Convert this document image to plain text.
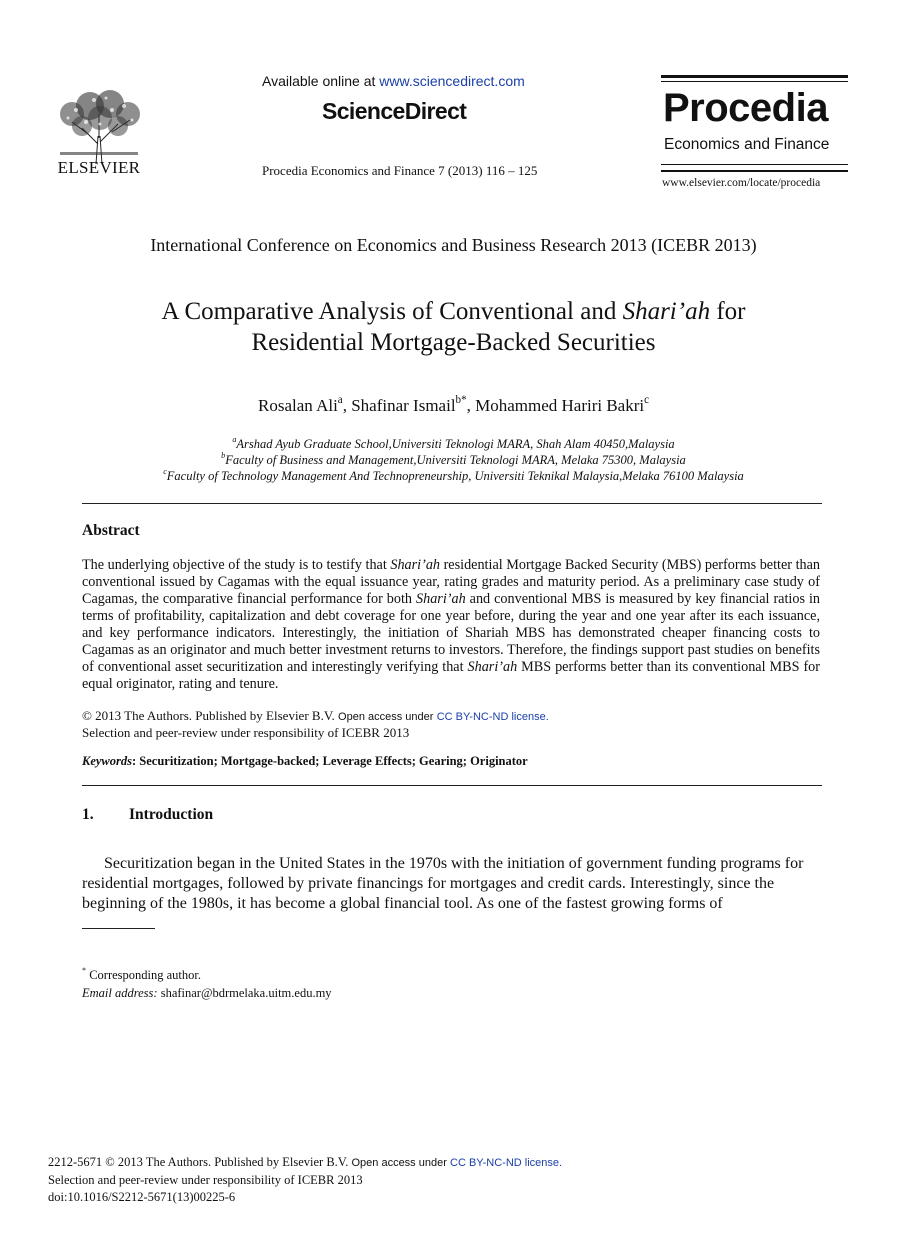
ELSEVIER
Available online at www.sciencedirect.com
ScienceDirect
Procedia Economics and Finance 7 (2013) 116 – 125
Procedia
Economics and Finance
www.elsevier.com/locate/procedia
International Conference on Economics and Business Research 2013 (ICEBR 2013)
A Comparative Analysis of Conventional and Shari’ah for
Residential Mortgage-Backed Securities
Rosalan Ali$^a$, Shafinar Ismail$^{b*}$, Mohammed Hariri Bakri$^c$
$^a$Arshad Ayub Graduate School,Universiti Teknologi MARA, Shah Alam 40450,Malaysia
$^b$Faculty of Business and Management,Universiti Teknologi MARA, Melaka 75300, Malaysia
$^c$Faculty of Technology Management And Technopreneurship, Universiti Teknikal Malaysia,Melaka 76100 Malaysia
Abstract
The underlying objective of the study is to testify that Shari’ah residential Mortgage Backed Security (MBS) performs better than conventional issued by Cagamas with the equal issuance year, rating grades and maturity period. As a preliminary case study of Cagamas, the comparative financial performance for both Shari’ah and conventional MBS is measured by key financial ratios in terms of profitability, capitalization and debt coverage for one year before, during the year and one year after its each issuance, and key performance indicators. Interestingly, the initiation of Shariah MBS has demonstrated cheaper financing costs to Cagamas as an originator and much better investment returns to investors. Therefore, the findings support past studies on benefits of conventional asset securitization and interestingly verifying that Shari’ah MBS performs better than its conventional MBS for equal originator, rating and tenure.
© 2013 The Authors. Published by Elsevier B.V. Open access under CC BY-NC-ND license.
Selection and peer-review under responsibility of ICEBR 2013
Keywords: Securitization; Mortgage-backed; Leverage Effects; Gearing; Originator
1. Introduction
Securitization began in the United States in the 1970s with the initiation of government funding programs for residential mortgages, followed by private financings for mortgages and credit cards. Interestingly, since the beginning of the 1980s, it has become a global financial tool. As one of the fastest growing forms of
* Corresponding author.
Email address: shafinar@bdrmelaka.uitm.edu.my
2212-5671 © 2013 The Authors. Published by Elsevier B.V. Open access under CC BY-NC-ND license.
Selection and peer-review under responsibility of ICEBR 2013
doi:10.1016/S2212-5671(13)00225-6
